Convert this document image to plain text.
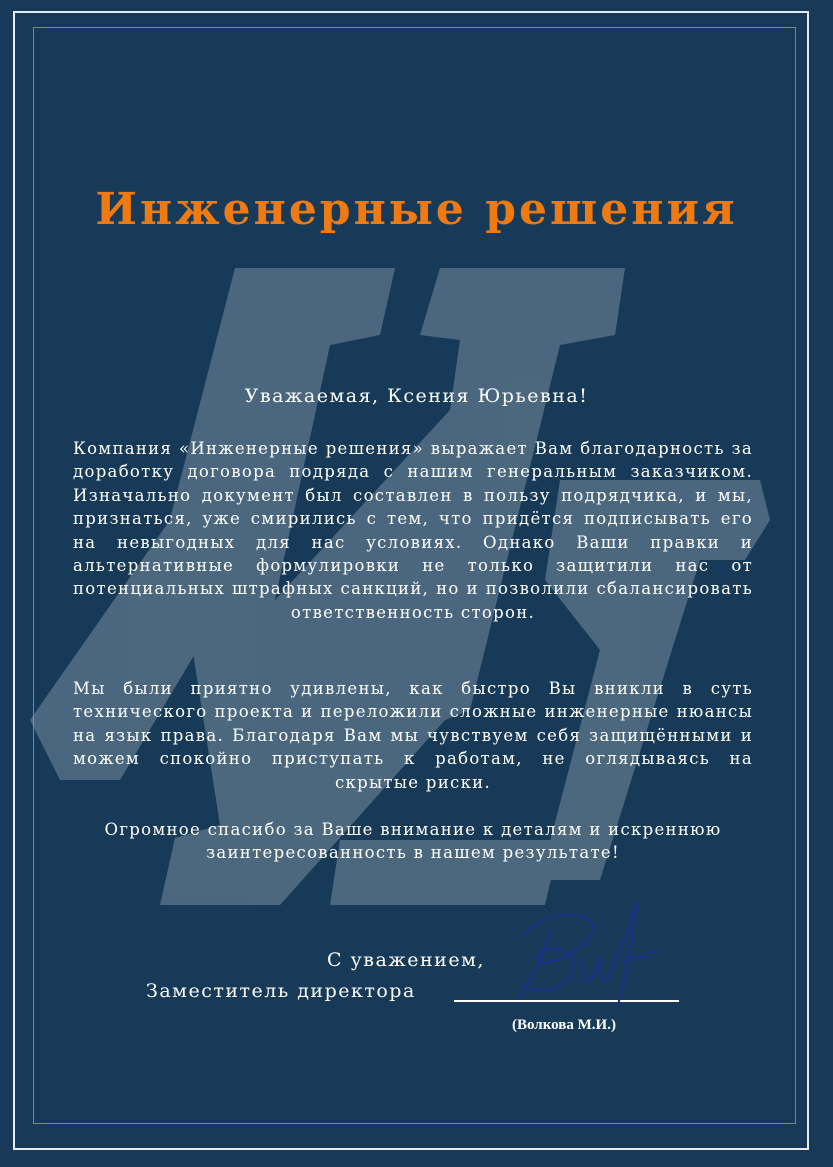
Инженерные решения
Уважаемая, Ксения Юрьевна!

Компания «Инженерные решения» выражает Вам благодарность за доработку договора подряда с нашим генеральным заказчиком. Изначально документ был составлен в пользу подрядчика, и мы, признаться, уже смирились с тем, что придётся подписывать его на невыгодных для нас условиях. Однако Ваши правки и альтернативные формулировки не только защитили нас от потенциальных штрафных санкций, но и позволили сбалансировать ответственность сторон.

Мы были приятно удивлены, как быстро Вы вникли в суть технического проекта и переложили сложные инженерные нюансы на язык права. Благодаря Вам мы чувствуем себя защищёнными и можем спокойно приступать к работам, не оглядываясь на скрытые риски.

Огромное спасибо за Ваше внимание к деталям и искреннюю заинтересованность в нашем результате!

С уважением,
Заместитель директора
(Волкова М.И.)
